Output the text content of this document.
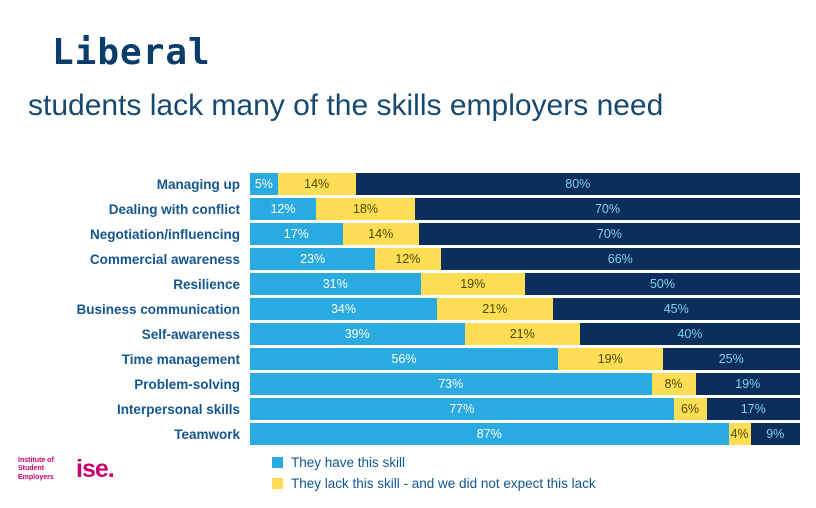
Liberal
students lack many of the skills employers need
Managing up	5%	14%	80%
Dealing with conflict	12%	18%	70%
Negotiation/influencing	17%	14%	70%
Commercial awareness	23%	12%	66%
Resilience	31%	19%	50%
Business communication	34%	21%	45%
Self-awareness	39%	21%	40%
Time management	56%	19%	25%
Problem-solving	73%	8%	19%
Interpersonal skills	77%	6%	17%
Teamwork	87%	4%	9%
Institute of Student Employers ise.	They have this skill
They lack this skill - and we did not expect this lack
